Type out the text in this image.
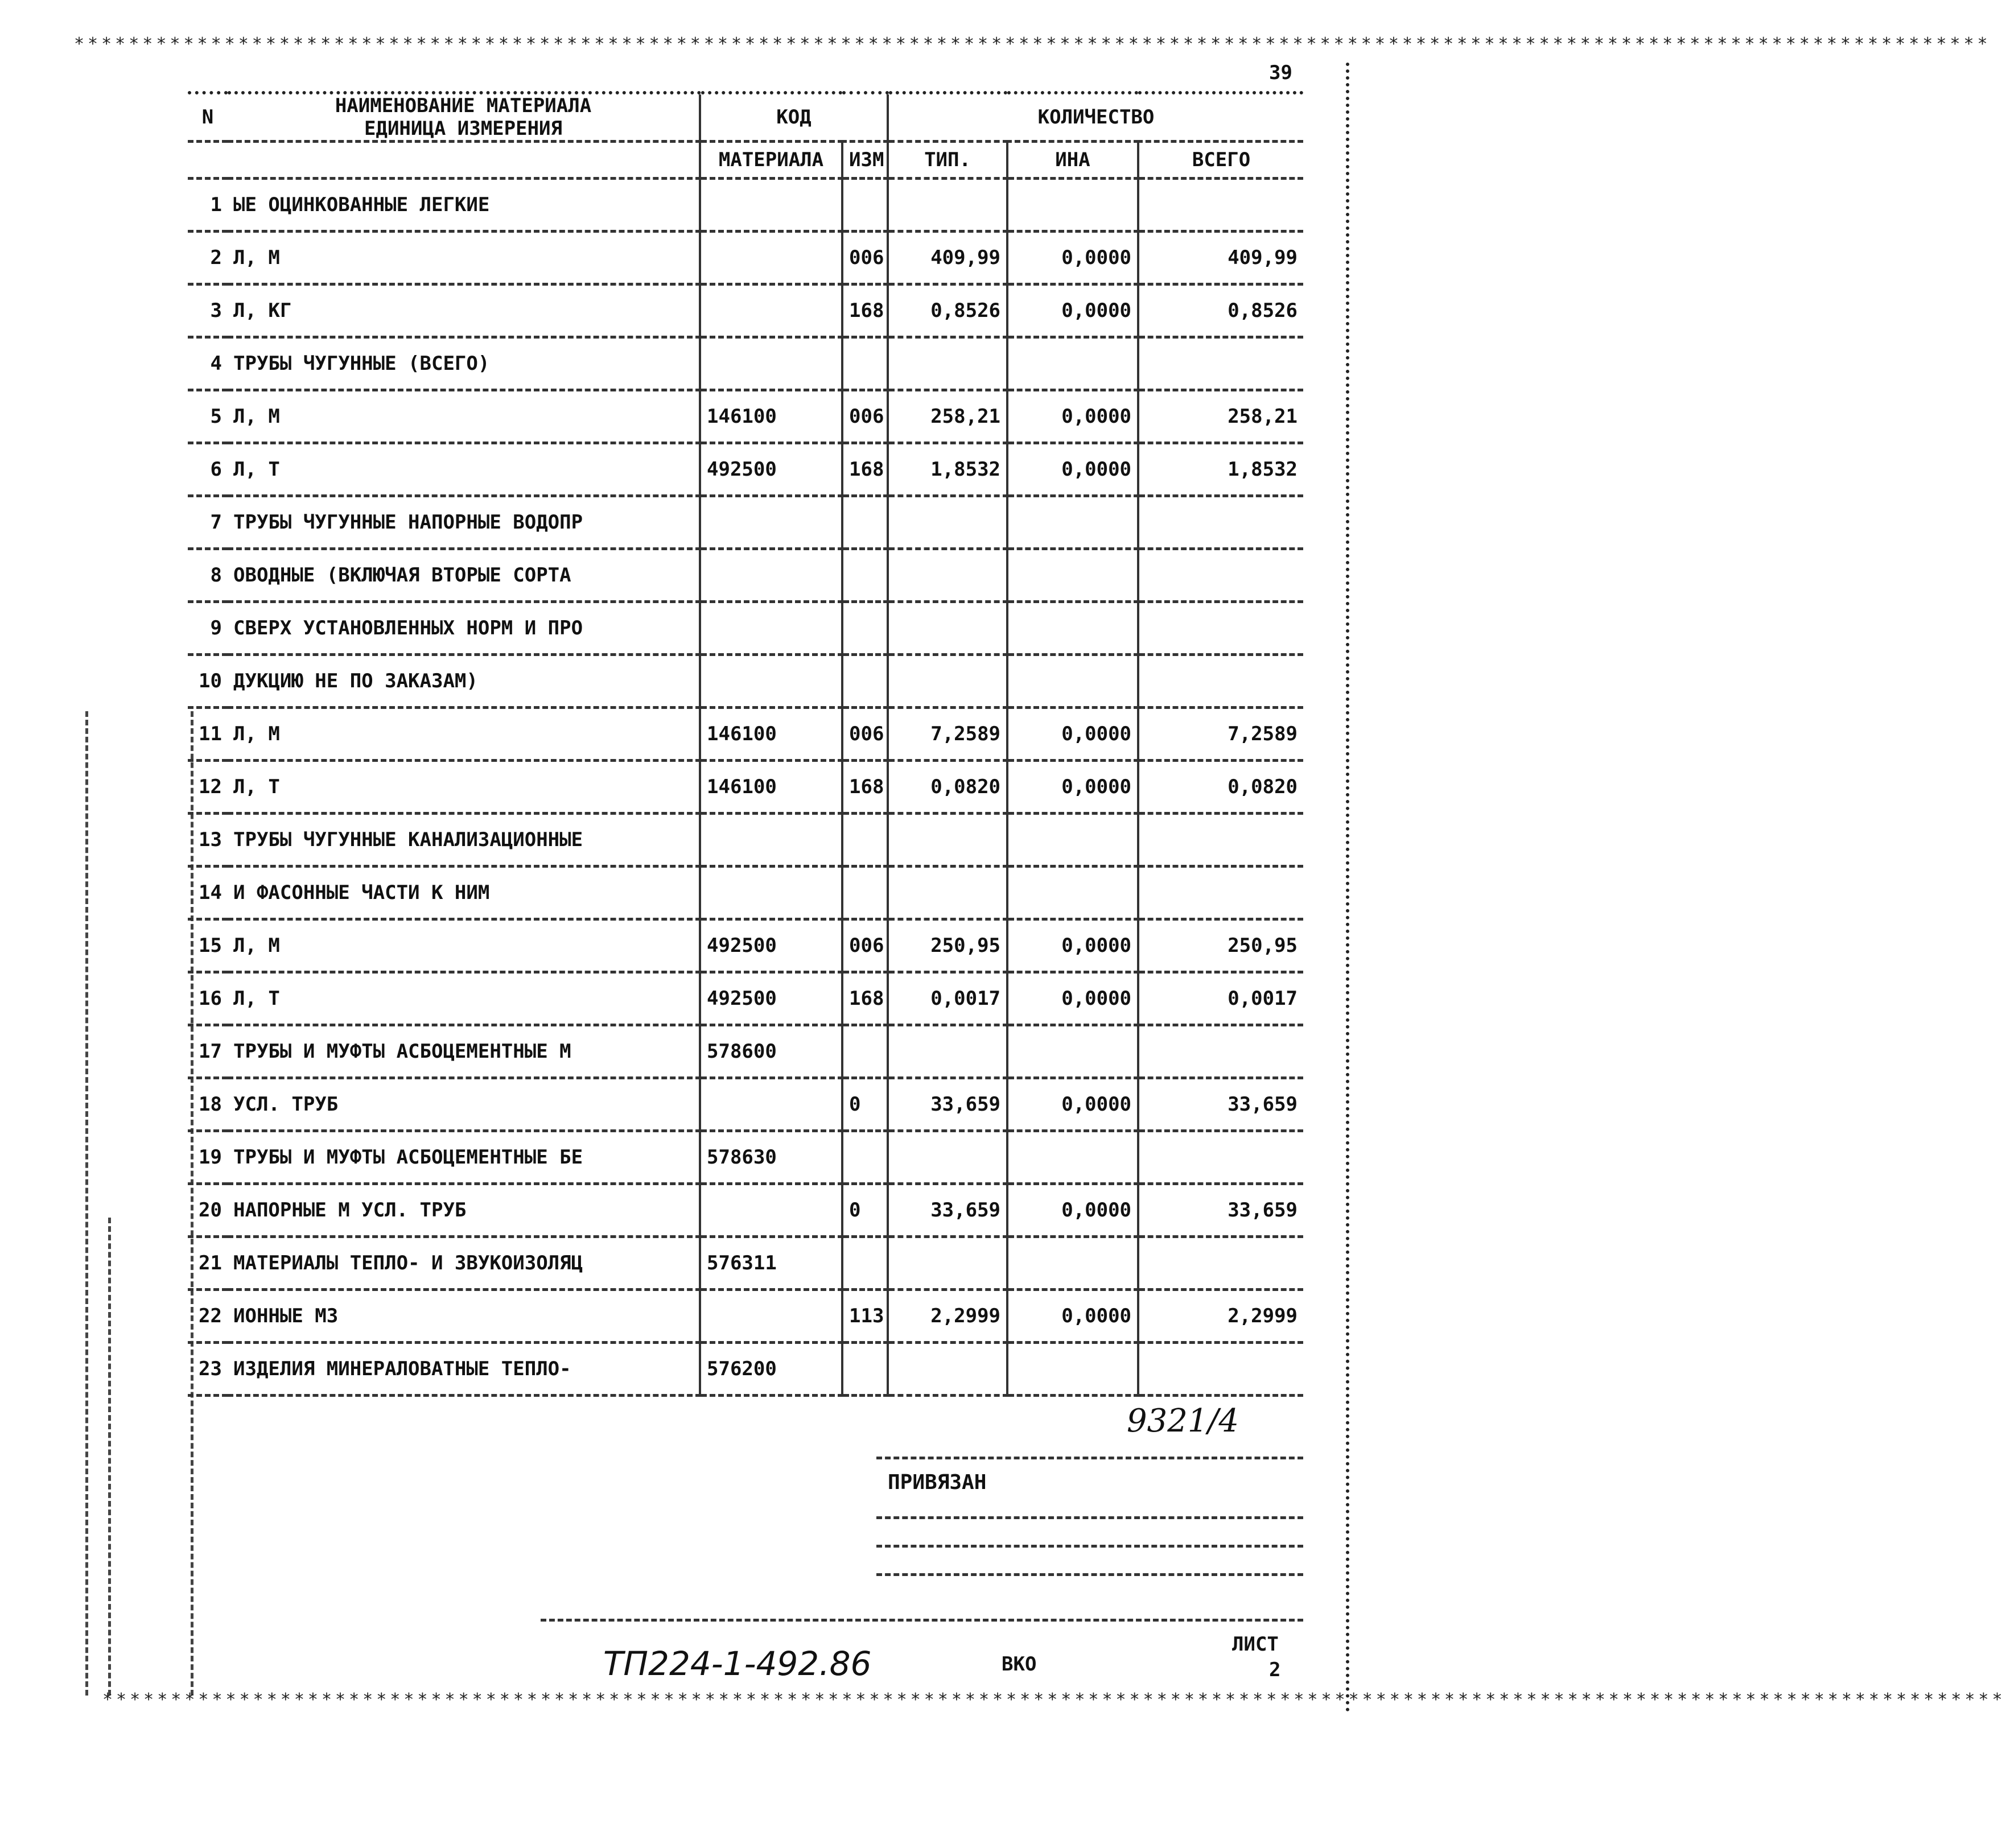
********************************************************************************************************************************************
39
N	НАИМЕНОВАНИЕ МАТЕРИАЛА
ЕДИНИЦА ИЗМЕРЕНИЯ	КОД		КОЛИЧЕСТВО		
		МАТЕРИАЛА	ИЗМ	ТИП.	ИНА	ВСЕГО
1	ЫЕ ОЦИНКОВАННЫЕ ЛЕГКИЕ					
2	Л, М		006	409,99	0,0000	409,99
3	Л, КГ		168	0,8526	0,0000	0,8526
4	ТРУБЫ ЧУГУННЫЕ (ВСЕГО)					
5	Л, М	146100	006	258,21	0,0000	258,21
6	Л, Т	492500	168	1,8532	0,0000	1,8532
7	ТРУБЫ ЧУГУННЫЕ НАПОРНЫЕ ВОДОПР					
8	ОВОДНЫЕ (ВКЛЮЧАЯ ВТОРЫЕ СОРТА					
9	СВЕРХ УСТАНОВЛЕННЫХ НОРМ И ПРО					
10	ДУКЦИЮ НЕ ПО ЗАКАЗАМ)					
11	Л, М	146100	006	7,2589	0,0000	7,2589
12	Л, Т	146100	168	0,0820	0,0000	0,0820
13	ТРУБЫ ЧУГУННЫЕ КАНАЛИЗАЦИОННЫЕ					
14	И ФАСОННЫЕ ЧАСТИ К НИМ					
15	Л, М	492500	006	250,95	0,0000	250,95
16	Л, Т	492500	168	0,0017	0,0000	0,0017
17	ТРУБЫ И МУФТЫ АСБОЦЕМЕНТНЫЕ М	578600				
18	УСЛ. ТРУБ		0	33,659	0,0000	33,659
19	ТРУБЫ И МУФТЫ АСБОЦЕМЕНТНЫЕ БЕ	578630				
20	НАПОРНЫЕ М УСЛ. ТРУБ		0	33,659	0,0000	33,659
21	МАТЕРИАЛЫ ТЕПЛО- И ЗВУКОИЗОЛЯЦ	576311				
22	ИОННЫЕ М3		113	2,2999	0,0000	2,2999
23	ИЗДЕЛИЯ МИНЕРАЛОВАТНЫЕ ТЕПЛО-	576200				
9321/4
ПРИВЯЗАН
ТП224-1-492.86	ВКО
ЛИСТ
2
*******************************************************************************************************************************************
